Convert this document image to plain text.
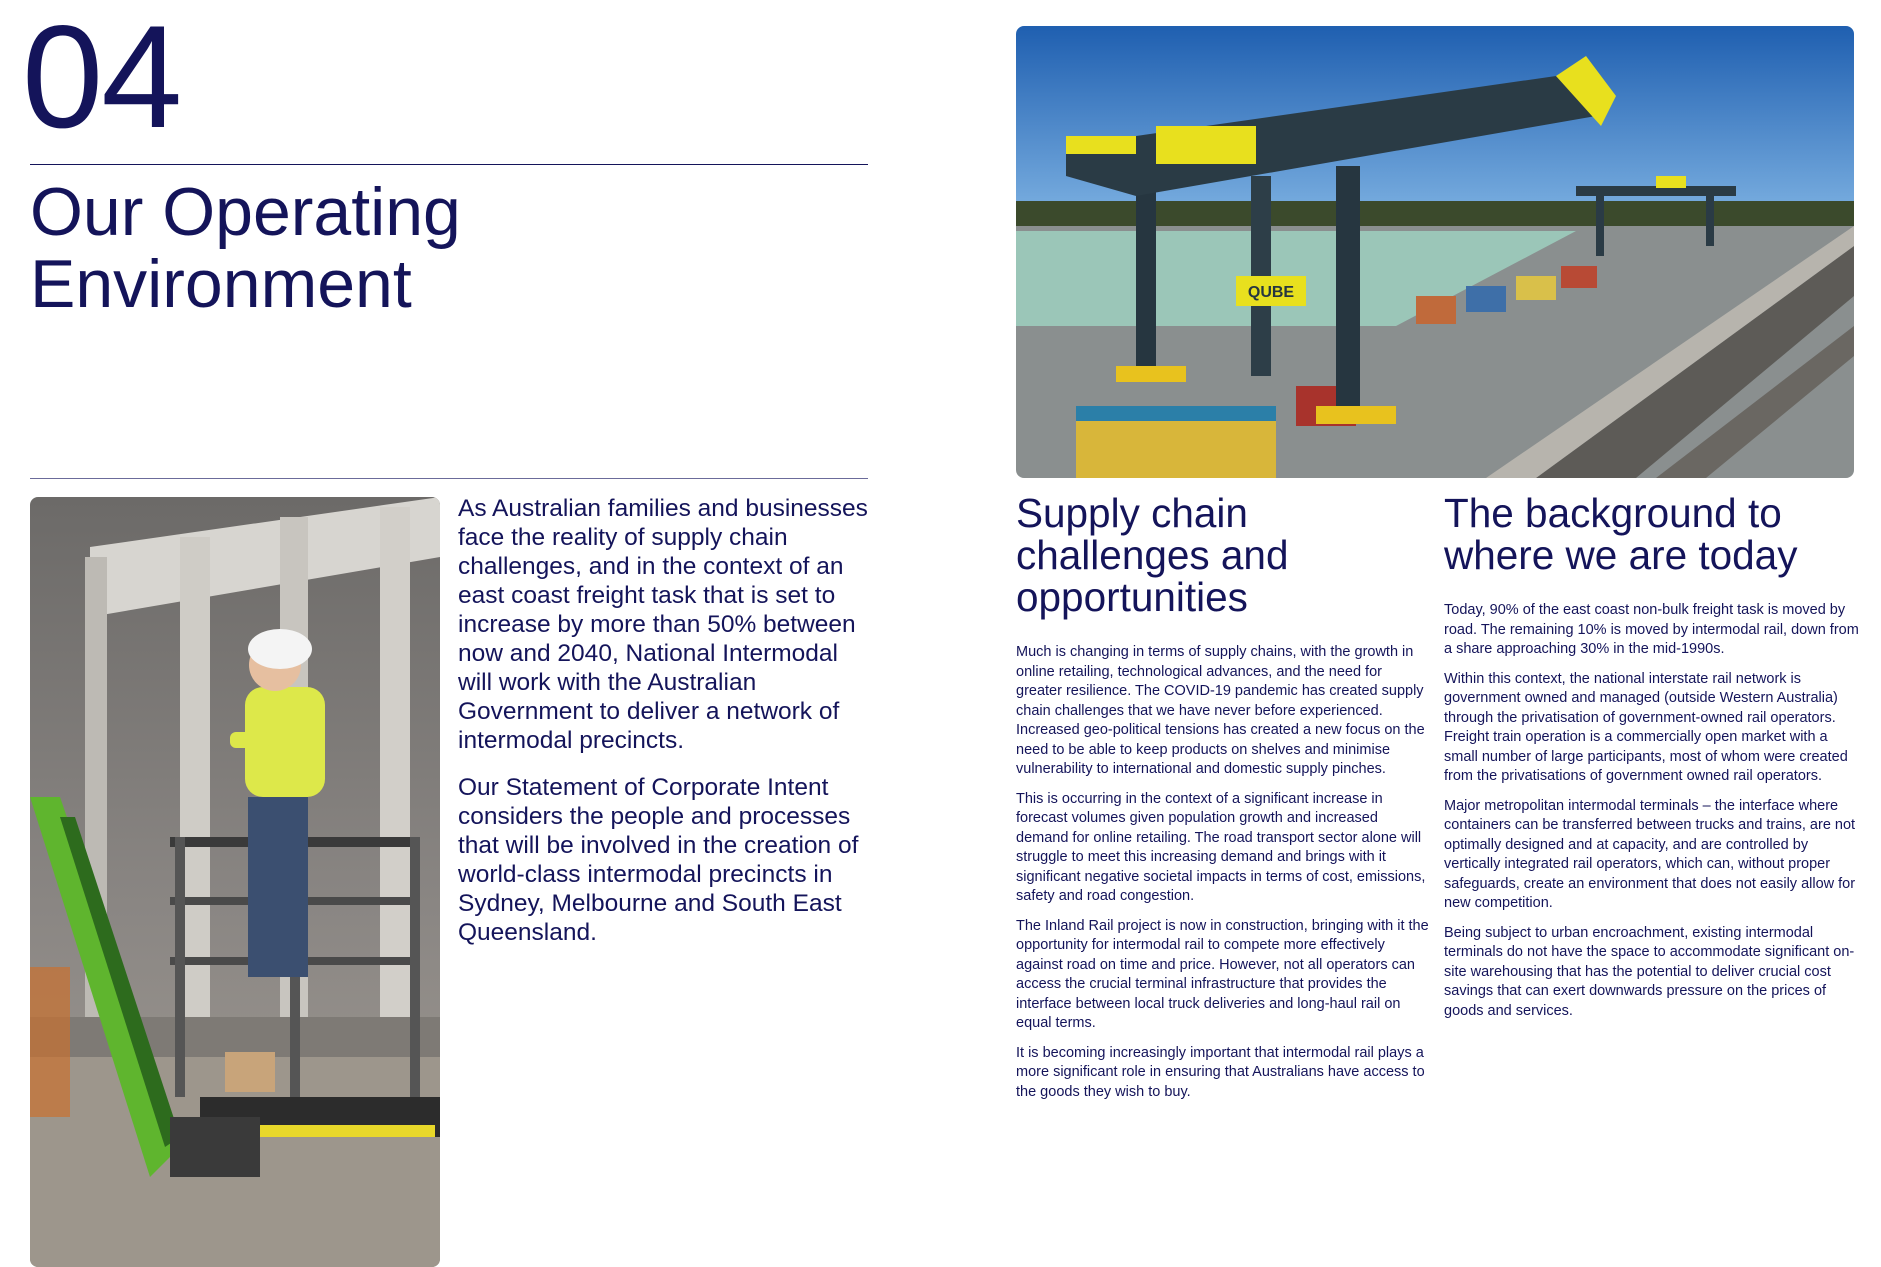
04
Our Operating
Environment

As Australian families and businesses face the reality of supply chain challenges, and in the context of an east coast freight task that is set to increase by more than 50% between now and 2040, National Intermodal will work with the Australian Government to deliver a network of intermodal precincts.

Our Statement of Corporate Intent considers the people and processes that will be involved in the creation of world-class intermodal precincts in Sydney, Melbourne and South East Queensland.

QUBE
Supply chain challenges and opportunities

Much is changing in terms of supply chains, with the growth in online retailing, technological advances, and the need for greater resilience. The COVID-19 pandemic has created supply chain challenges that we have never before experienced. Increased geo-political tensions has created a new focus on the need to be able to keep products on shelves and minimise vulnerability to international and domestic supply pinches.

This is occurring in the context of a significant increase in forecast volumes given population growth and increased demand for online retailing. The road transport sector alone will struggle to meet this increasing demand and brings with it significant negative societal impacts in terms of cost, emissions, safety and road congestion.

The Inland Rail project is now in construction, bringing with it the opportunity for intermodal rail to compete more effectively against road on time and price. However, not all operators can access the crucial terminal infrastructure that provides the interface between local truck deliveries and long-haul rail on equal terms.

It is becoming increasingly important that intermodal rail plays a more significant role in ensuring that Australians have access to the goods they wish to buy.

The background to where we are today

Today, 90% of the east coast non-bulk freight task is moved by road. The remaining 10% is moved by intermodal rail, down from a share approaching 30% in the mid-1990s.

Within this context, the national interstate rail network is government owned and managed (outside Western Australia) through the privatisation of government-owned rail operators. Freight train operation is a commercially open market with a small number of large participants, most of whom were created from the privatisations of government owned rail operators.

Major metropolitan intermodal terminals – the interface where containers can be transferred between trucks and trains, are not optimally designed and at capacity, and are controlled by vertically integrated rail operators, which can, without proper safeguards, create an environment that does not easily allow for new competition.

Being subject to urban encroachment, existing intermodal terminals do not have the space to accommodate significant on-site warehousing that has the potential to deliver crucial cost savings that can exert downwards pressure on the prices of goods and services.
